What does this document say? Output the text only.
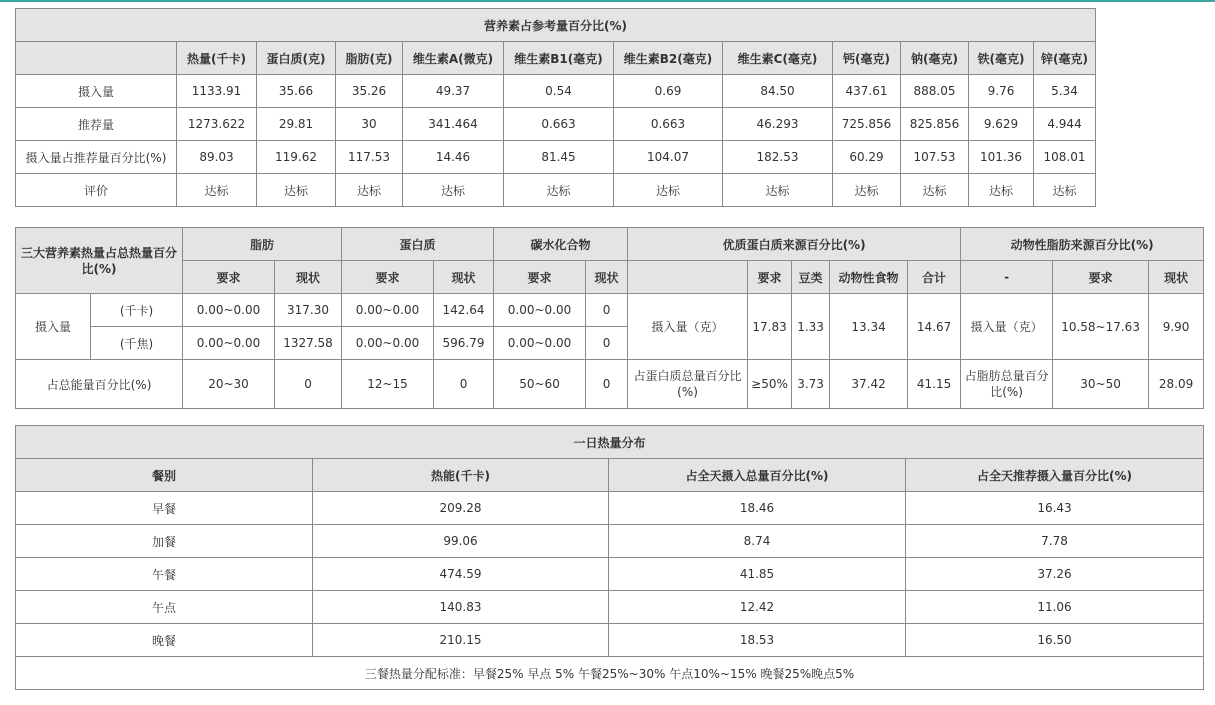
营养素占参考量百分比(%)											
	热量(千卡)	蛋白质(克)	脂肪(克)	维生素A(微克)	维生素B1(毫克)	维生素B2(毫克)	维生素C(毫克)	钙(毫克)	钠(毫克)	铁(毫克)	锌(毫克)
摄入量	1133.91	35.66	35.26	49.37	0.54	0.69	84.50	437.61	888.05	9.76	5.34
推荐量	1273.622	29.81	30	341.464	0.663	0.663	46.293	725.856	825.856	9.629	4.944
摄入量占推荐量百分比(%)	89.03	119.62	117.53	14.46	81.45	104.07	182.53	60.29	107.53	101.36	108.01
评价	达标	达标	达标	达标	达标	达标	达标	达标	达标	达标	达标
三大营养素热量占总热量百分比(%)		脂肪		蛋白质		碳水化合物		优质蛋白质来源百分比(%)					动物性脂肪来源百分比(%)		
		要求	现状	要求	现状	要求	现状		要求	豆类	动物性食物	合计	-	要求	现状
摄入量	(千卡)	0.00~0.00	317.30	0.00~0.00	142.64	0.00~0.00	0	摄入量（克）	17.83	1.33	13.34	14.67	摄入量（克）	10.58~17.63	9.90
	(千焦)	0.00~0.00	1327.58	0.00~0.00	596.79	0.00~0.00	0								
占总能量百分比(%)		20~30	0	12~15	0	50~60	0	占蛋白质总量百分比(%)	≥50%	3.73	37.42	41.15	占脂肪总量百分比(%)	30~50	28.09
一日热量分布			
餐别	热能(千卡)	占全天摄入总量百分比(%)	占全天推荐摄入量百分比(%)
早餐	209.28	18.46	16.43
加餐	99.06	8.74	7.78
午餐	474.59	41.85	37.26
午点	140.83	12.42	11.06
晚餐	210.15	18.53	16.50
三餐热量分配标准：早餐25% 早点 5% 午餐25%~30% 午点10%~15% 晚餐25%晚点5%			
